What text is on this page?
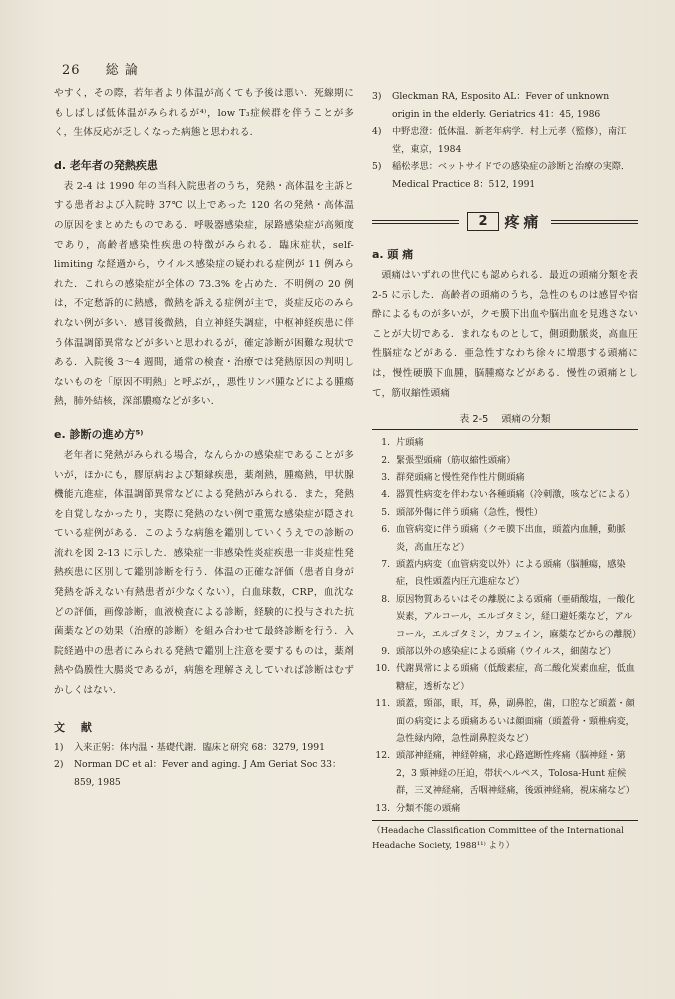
26 総 論

やすく，その際，若年者より体温が高くても予後は悪い．死線期にもしばしば低体温がみられるが⁴⁾，low T₃症候群を伴うことが多く，生体反応が乏しくなった病態と思われる．

d. 老年者の発熱疾患

表 2-4 は 1990 年の当科入院患者のうち，発熱・高体温を主訴とする患者および入院時 37℃ 以上であった 120 名の発熱・高体温の原因をまとめたものである．呼吸器感染症，尿路感染症が高頻度であり，高齢者感染性疾患の特徴がみられる．臨床症状，self-limiting な経過から，ウイルス感染症の疑われる症例が 11 例みられた．これらの感染症が全体の 73.3% を占めた．不明例の 20 例は，不定愁訴的に熱感，微熱を訴える症例が主で，炎症反応のみられない例が多い．感冒後微熱，自立神経失調症，中枢神経疾患に伴う体温調節異常などが多いと思われるが，確定診断が困難な現状である．入院後 3～4 週間，通常の検査・治療では発熱原因の判明しないものを「原因不明熱」と呼ぶが，，悪性リンパ腫などによる腫瘍熱，肺外結核，深部膿瘍などが多い．

e. 診断の進め方⁵⁾

老年者に発熱がみられる場合，なんらかの感染症であることが多いが，ほかにも，膠原病および類縁疾患，薬剤熱，腫瘍熱，甲状腺機能亢進症，体温調節異常などによる発熱がみられる．また，発熱を自覚しなかったり，実際に発熱のない例で重篤な感染症が隠されている症例がある．このような病態を鑑別していくうえでの診断の流れを図 2-13 に示した．感染症一非感染性炎症疾患一非炎症性発熱疾患に区別して鑑別診断を行う．体温の正確な評価（患者自身が発熱を訴えない有熱患者が少なくない），白血球数，CRP，血沈などの評価，画像診断，血液検査による診断，経験的に投与された抗菌薬などの効果（治療的診断）を組み合わせて最終診断を行う．入院経過中の患者にみられる発熱で鑑別上注意を要するものは，薬剤熱や偽膜性大腸炎であるが，病態を理解さえしていれば診断はむずかしくはない．

文 献
1)	入来正躬：体内温・基礎代謝．臨床と研究 68：3279, 1991
2)	Norman DC et al：Fever and aging. J Am Geriat Soc 33：859, 1985
3)	Gleckman RA, Esposito AL：Fever of unknown origin in the elderly. Geriatrics 41：45, 1986
4)	中野忠澄：低体温．新老年病学．村上元孝（監修），南江堂，東京，1984
5)	稲松孝思：ベットサイドでの感染症の診断と治療の実際．Medical Practice 8：512, 1991
2	疼痛
a. 頭 痛

頭痛はいずれの世代にも認められる．最近の頭痛分類を表 2-5 に示した．高齢者の頭痛のうち，急性のものは感冒や宿酔によるものが多いが，クモ膜下出血や脳出血を見逃さないことが大切である．まれなものとして，側頭動脈炎，高血圧性脳症などがある．亜急性すなわち徐々に増悪する頭痛には，慢性硬膜下血腫，脳腫瘍などがある．慢性の頭痛として，筋収縮性頭痛

表 2-5 頭痛の分類
1. 片頭痛
2. 緊張型頭痛（筋収縮性頭痛）
3. 群発頭痛と慢性発作性片側頭痛
4. 器質性病変を伴わない各種頭痛（冷刺激，咳などによる）
5. 頭部外傷に伴う頭痛（急性，慢性）
6. 血管病変に伴う頭痛（クモ膜下出血，頭蓋内血腫，動脈炎，高血圧など）
7. 頭蓋内病変（血管病変以外）による頭痛（脳腫瘍，感染症，良性頭蓋内圧亢進症など）
8. 原因物質あるいはその離脱による頭痛（亜硝酸塩，一酸化炭素，アルコール，エルゴタミン，経口避妊薬など，アルコール，エルゴタミン，カフェイン，麻薬などからの離脱）
9. 頭部以外の感染症による頭痛（ウイルス，細菌など）
10. 代謝異常による頭痛（低酸素症，高二酸化炭素血症，低血糖症，透析など）
11. 頭蓋，頸部，眼，耳，鼻，副鼻腔，歯，口腔など頭蓋・顔面の病変による頭痛あるいは顔面痛（頭蓋骨・頸椎病変，急性緑内障，急性副鼻腔炎など）
12. 頭部神経痛，神経幹痛，求心路遮断性疼痛（脳神経・第 2，3 頸神経の圧迫，帯状ヘルペス，Tolosa-Hunt 症候群，三叉神経痛，舌咽神経痛，後頭神経痛，視床痛など）
13. 分類不能の頭痛
（Headache Classification Committee of the International Headache Society, 1988¹¹⁾ より）
